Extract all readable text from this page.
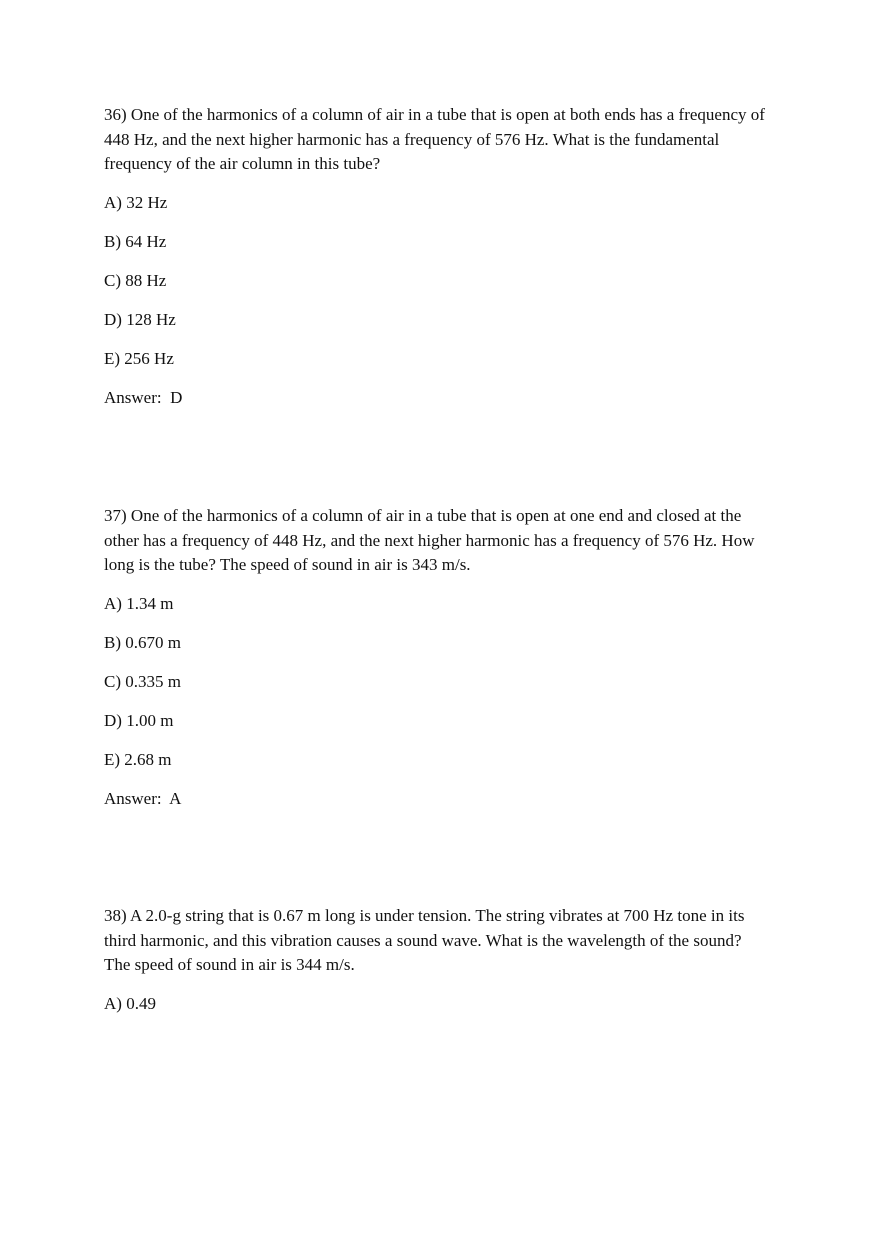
36) One of the harmonics of a column of air in a tube that is open at both ends has a frequency of
448 Hz, and the next higher harmonic has a frequency of 576 Hz. What is the fundamental
frequency of the air column in this tube?

A) 32 Hz

B) 64 Hz

C) 88 Hz

D) 128 Hz

E) 256 Hz

Answer:  D

37) One of the harmonics of a column of air in a tube that is open at one end and closed at the
other has a frequency of 448 Hz, and the next higher harmonic has a frequency of 576 Hz. How
long is the tube? The speed of sound in air is 343 m/s.

A) 1.34 m

B) 0.670 m

C) 0.335 m

D) 1.00 m

E) 2.68 m

Answer:  A

38) A 2.0-g string that is 0.67 m long is under tension. The string vibrates at 700 Hz tone in its
third harmonic, and this vibration causes a sound wave. What is the wavelength of the sound?
The speed of sound in air is 344 m/s.

A) 0.49
